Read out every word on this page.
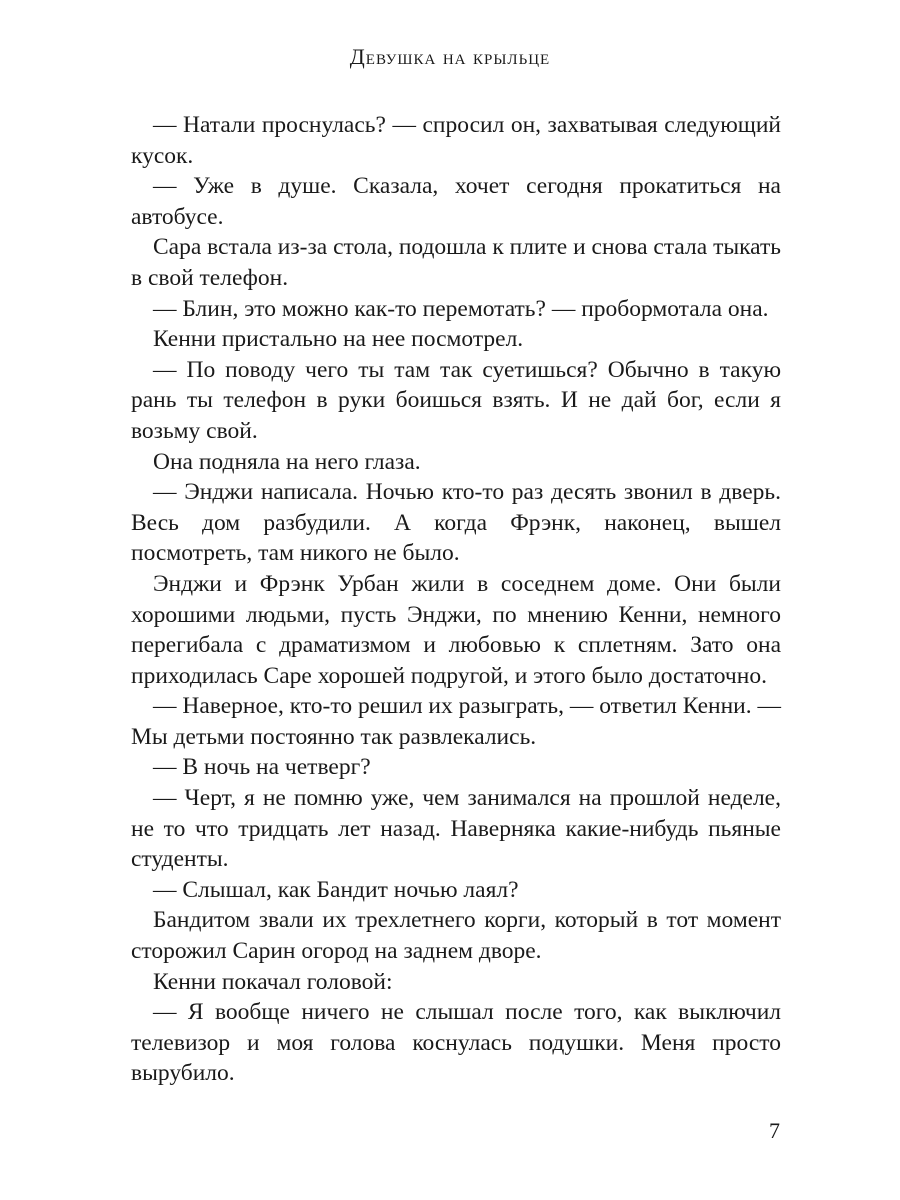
Девушка на крыльце

— Натали проснулась? — спросил он, захватывая следующий кусок.

— Уже в душе. Сказала, хочет сегодня прокатиться на автобусе.

Сара встала из-за стола, подошла к плите и снова стала тыкать в свой телефон.

— Блин, это можно как-то перемотать? — пробормотала она.

Кенни пристально на нее посмотрел.

— По поводу чего ты там так суетишься? Обычно в такую рань ты телефон в руки боишься взять. И не дай бог, если я возьму свой.

Она подняла на него глаза.

— Энджи написала. Ночью кто-то раз десять звонил в дверь. Весь дом разбудили. А когда Фрэнк, наконец, вышел посмотреть, там никого не было.

Энджи и Фрэнк Урбан жили в соседнем доме. Они были хорошими людьми, пусть Энджи, по мнению Кенни, немного перегибала с драматизмом и любовью к сплетням. Зато она приходилась Саре хорошей подругой, и этого было достаточно.

— Наверное, кто-то решил их разыграть, — ответил Кенни. — Мы детьми постоянно так развлекались.

— В ночь на четверг?

— Черт, я не помню уже, чем занимался на прошлой неделе, не то что тридцать лет назад. Наверняка какие-нибудь пьяные студенты.

— Слышал, как Бандит ночью лаял?

Бандитом звали их трехлетнего корги, который в тот момент сторожил Сарин огород на заднем дворе.

Кенни покачал головой:

— Я вообще ничего не слышал после того, как выключил телевизор и моя голова коснулась подушки. Меня просто вырубило.

7
